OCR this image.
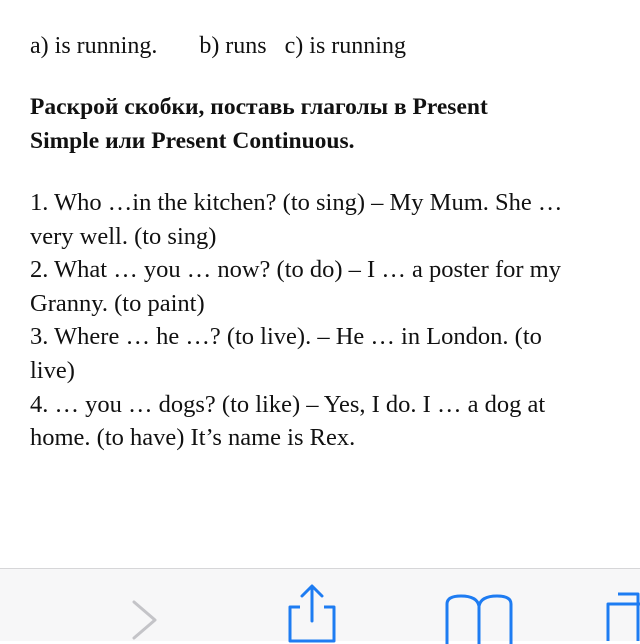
a) is running.       b) runs   c) is running
Раскрой скобки, поставь глаголы в Present
Simple или Present Continuous.
1. Who …in the kitchen? (to sing) – My Mum. She …
very well. (to sing)
2. What … you … now? (to do) – I … a poster for my
Granny. (to paint)
3. Where … he …? (to live). – He … in London. (to
live)
4. … you … dogs? (to like) – Yes, I do. I … a dog at
home. (to have) It’s name is Rex.
